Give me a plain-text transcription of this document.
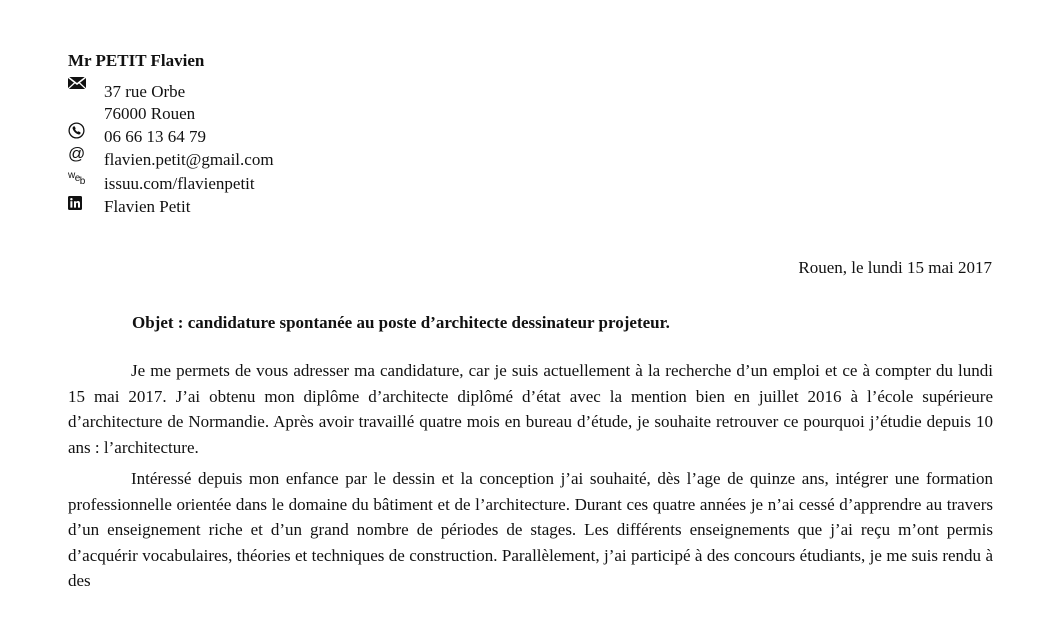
Mr PETIT Flavien
37 rue Orbe
76000 Rouen
06 66 13 64 79
@ flavien.petit@gmail.com
web issuu.com/flavienpetit
Flavien Petit
Rouen, le lundi 15 mai 2017
Objet : candidature spontanée au poste d’architecte dessinateur projeteur.

Je me permets de vous adresser ma candidature, car je suis actuellement à la recherche d’un emploi et ce à compter du lundi 15 mai 2017. J’ai obtenu mon diplôme d’architecte diplômé d’état avec la mention bien en juillet 2016 à l’école supérieure d’architecture de Normandie. Après avoir travaillé quatre mois en bureau d’étude, je souhaite retrouver ce pourquoi j’étudie depuis 10 ans : l’architecture.

Intéressé depuis mon enfance par le dessin et la conception j’ai souhaité, dès l’age de quinze ans, intégrer une formation professionnelle orientée dans le domaine du bâtiment et de l’architecture. Durant ces quatre années je n’ai cessé d’apprendre au travers d’un enseignement riche et d’un grand nombre de périodes de stages. Les différents enseignements que j’ai reçu m’ont permis d’acquérir vocabulaires, théories et techniques de construction. Parallèlement, j’ai participé à des concours étudiants, je me suis rendu à des
